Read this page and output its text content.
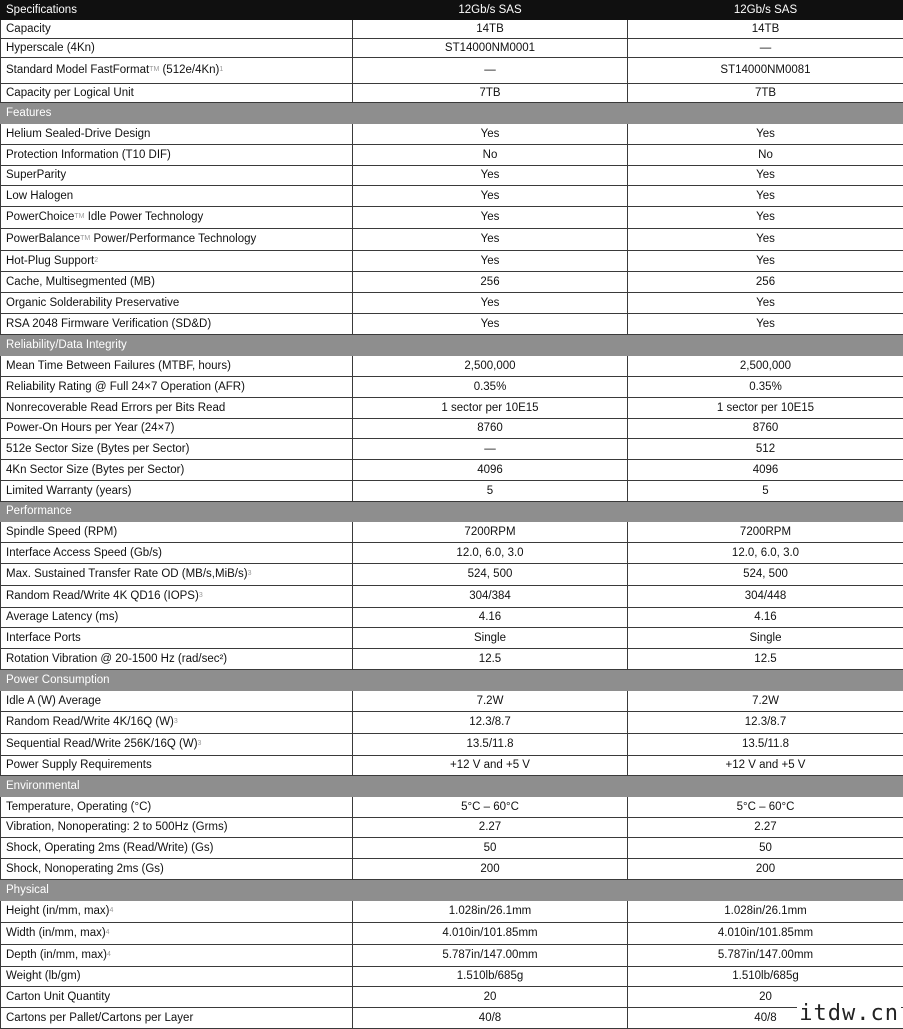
Specifications	12Gb/s SAS	12Gb/s SAS
Capacity	14TB	14TB
Hyperscale (4Kn)	ST14000NM0001	—
Standard Model FastFormat™ $(512e/4Kn)^1$	—	ST14000NM0081
Capacity per Logical Unit	7TB	7TB
Features		
Helium Sealed-Drive Design	Yes	Yes
Protection Information (T10 DIF)	No	No
SuperParity	Yes	Yes
Low Halogen	Yes	Yes
PowerChoice™ Idle Power Technology	Yes	Yes
PowerBalance™ Power/Performance Technology	Yes	Yes
Hot-Plug Support$^2$	Yes	Yes
Cache, Multisegmented (MB)	256	256
Organic Solderability Preservative	Yes	Yes
RSA 2048 Firmware Verification (SD&D)	Yes	Yes
Reliability/Data Integrity		
Mean Time Between Failures (MTBF, hours)	2,500,000	2,500,000
Reliability Rating @ Full 24×7 Operation (AFR)	0.35%	0.35%
Nonrecoverable Read Errors per Bits Read	1 sector per 10E15	1 sector per 10E15
Power-On Hours per Year (24×7)	8760	8760
512e Sector Size (Bytes per Sector)	—	512
4Kn Sector Size (Bytes per Sector)	4096	4096
Limited Warranty (years)	5	5
Performance		
Spindle Speed (RPM)	7200RPM	7200RPM
Interface Access Speed (Gb/s)	12.0, 6.0, 3.0	12.0, 6.0, 3.0
Max. Sustained Transfer Rate OD $(MB/s,MiB/s)^3$	524, 500	524, 500
Random Read/Write 4K QD16 (IOPS)$^3$	304/384	304/448
Average Latency (ms)	4.16	4.16
Interface Ports	Single	Single
Rotation Vibration @ 20-1500 Hz (rad/sec²)	12.5	12.5
Power Consumption		
Idle A (W) Average	7.2W	7.2W
Random Read/Write 4K/16Q $(W)^3$	12.3/8.7	12.3/8.7
Sequential Read/Write 256K/16Q $(W)^3$	13.5/11.8	13.5/11.8
Power Supply Requirements	+12 V and +5 V	+12 V and +5 V
Environmental		
Temperature, Operating (°C)	5°C – 60°C	5°C – 60°C
Vibration, Nonoperating: 2 to 500Hz (Grms)	2.27	2.27
Shock, Operating 2ms (Read/Write) (Gs)	50	50
Shock, Nonoperating 2ms (Gs)	200	200
Physical		
Height (in/mm, max)$^4$	1.028in/26.1mm	1.028in/26.1mm
Width (in/mm, max)$^4$	4.010in/101.85mm	4.010in/101.85mm
Depth (in/mm, max)$^4$	5.787in/147.00mm	5.787in/147.00mm
Weight (lb/gm)	1.510lb/685g	1.510lb/685g
Carton Unit Quantity	20	20
Cartons per Pallet/Cartons per Layer	40/8	40/8 itdw.cn
